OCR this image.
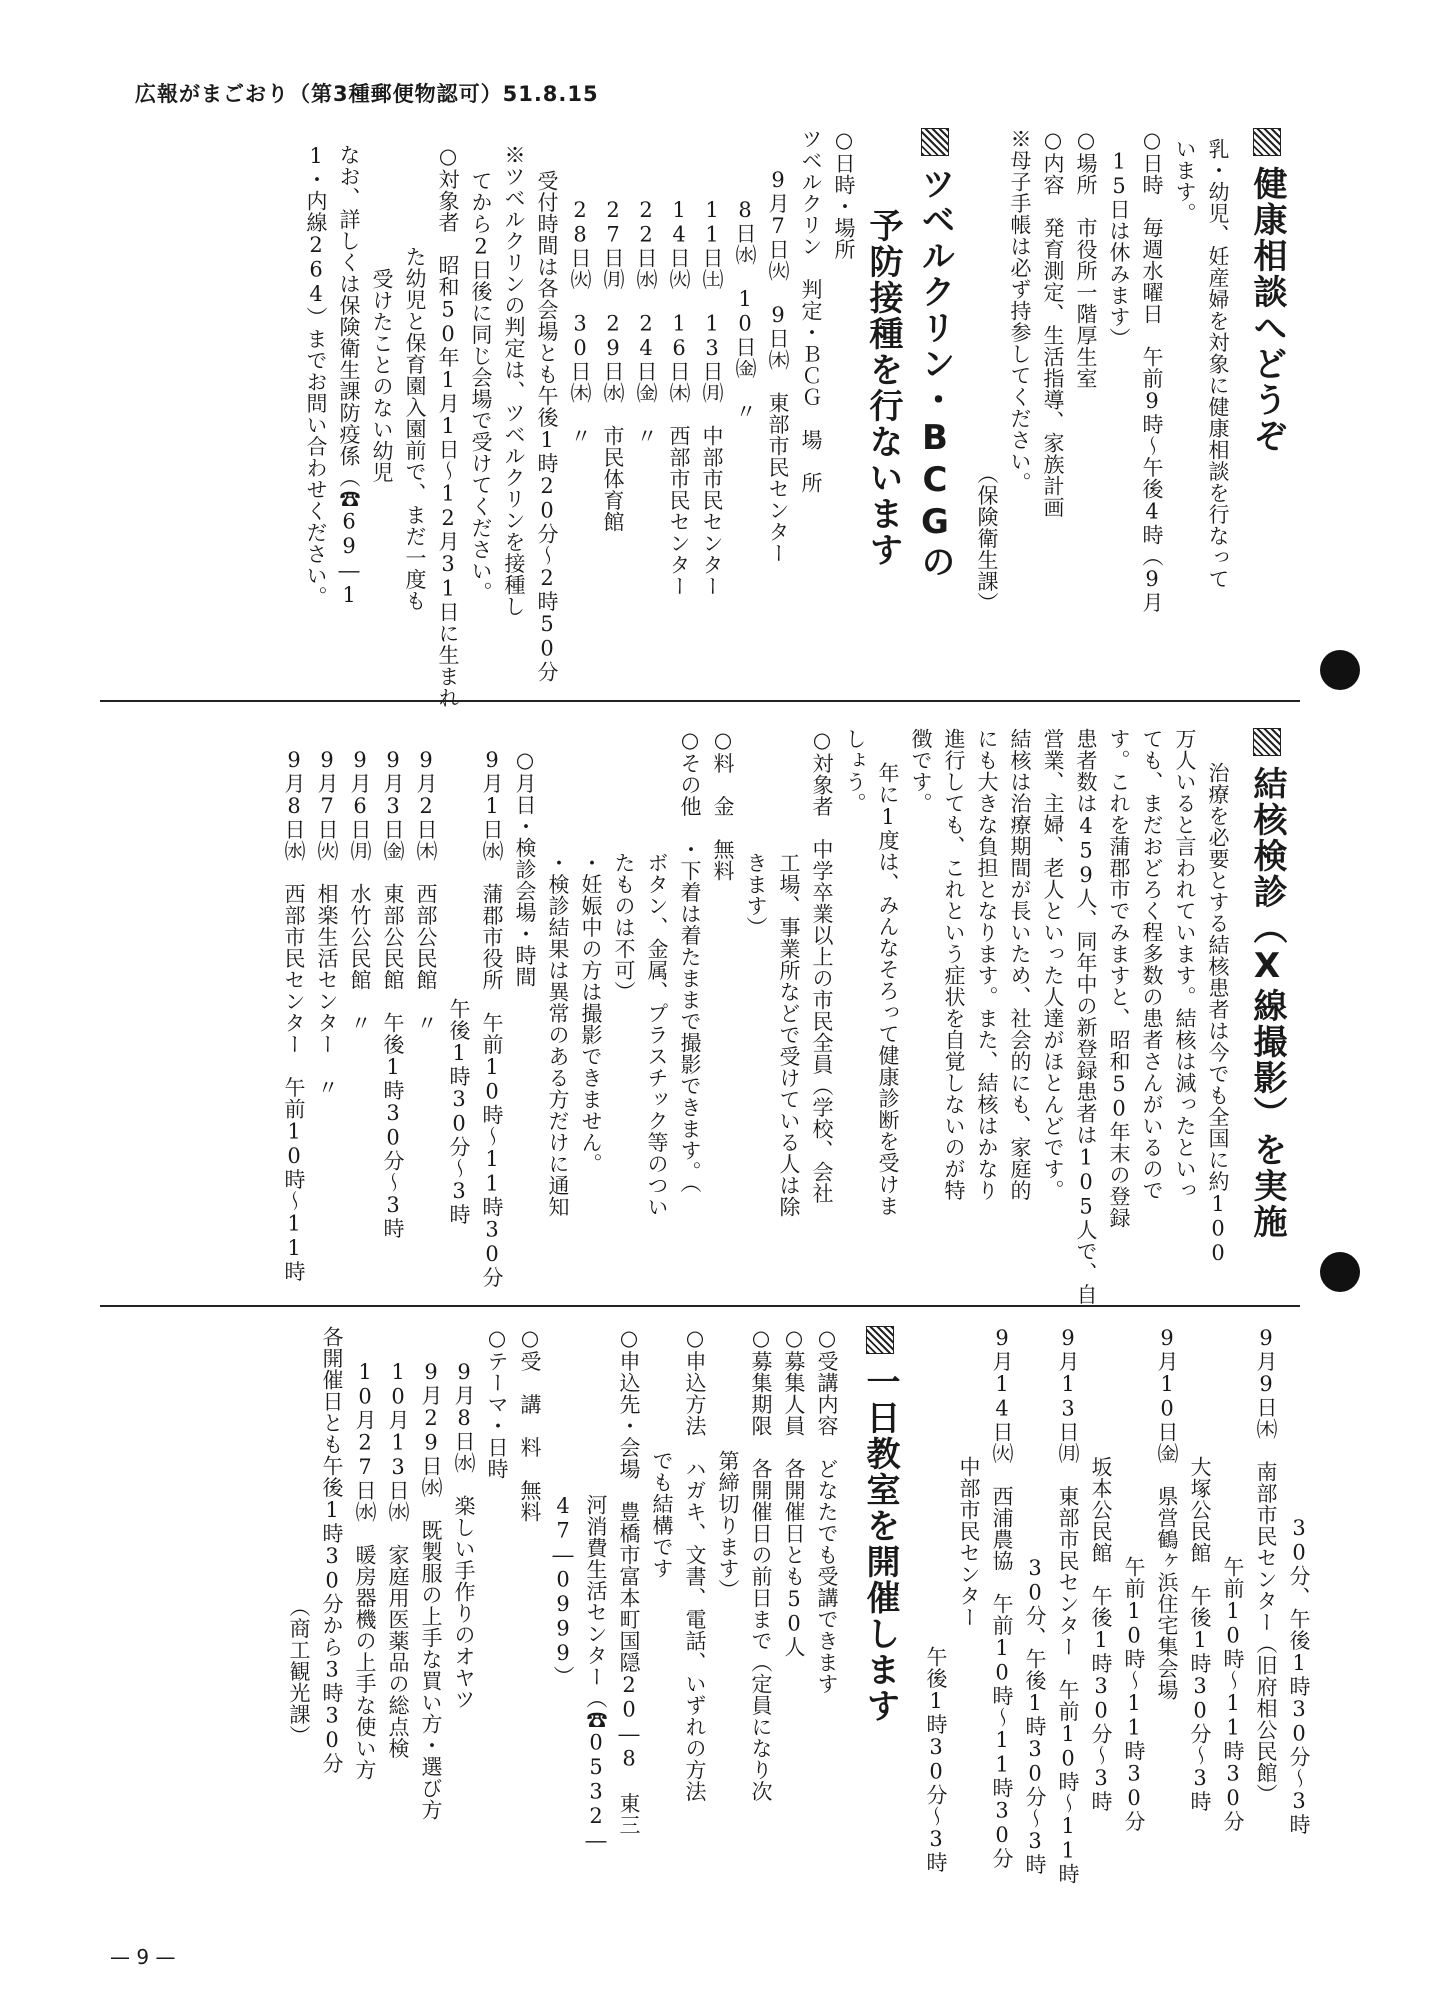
広報がまごおり（第3種郵便物認可）51.8.15
健康相談へどうぞ
乳・幼児、妊産婦を対象に健康相談を行なって
います。
○日時　毎週水曜日　午前9時〜午後4時（9月
　15日は休みます）
○場所　市役所一階厚生室
○内容　発育測定、生活指導、家族計画
※母子手帳は必ず持参してください。
（保険衛生課）
ツベルクリン・BCGの
予防接種を行ないます
○日時・場所
ツベルクリン　判定・ＢＣＧ　場　所
9月7日㈫　9日㈭　東部市民センター
8日㈬　10日㈮　〃
11日㈯　13日㈪　中部市民センター
14日㈫　16日㈭　西部市民センター
22日㈬　24日㈮　〃
27日㈪　29日㈬　市民体育館
28日㈫　30日㈭　〃
受付時間は各会場とも午後1時20分〜2時50分
※ツベルクリンの判定は、ツベルクリンを接種し
てから2日後に同じ会場で受けてください。
○対象者　昭和50年1月1日〜12月31日に生まれ
た幼児と保育園入園前で、まだ一度も
受けたことのない幼児
なお、詳しくは保険衛生課防疫係（☎69―1
1・内線264）までお問い合わせください。
結核検診（X線撮影）を実施
治療を必要とする結核患者は今でも全国に約100
万人いると言われています。結核は減ったといっ
ても、まだおどろく程多数の患者さんがいるので
す。これを蒲郡市でみますと、昭和50年末の登録
患者数は459人、同年中の新登録患者は105人で、自
営業、主婦、老人といった人達がほとんどです。
結核は治療期間が長いため、社会的にも、家庭的
にも大きな負担となります。また、結核はかなり
進行しても、これという症状を自覚しないのが特
徴です。
年に1度は、みんなそろって健康診断を受けま
しょう。
○対象者　中学卒業以上の市民全員（学校、会社
工場、事業所などで受けている人は除
きます）
○料　金　無料
○その他　・下着は着たままで撮影できます。（
ボタン、金属、プラスチック等のつい
たものは不可）
・妊娠中の方は撮影できません。
・検診結果は異常のある方だけに通知
○月日・検診会場・時間
9月1日㈬　蒲郡市役所　午前10時〜11時30分
午後1時30分〜3時
9月2日㈭　西部公民館　〃
9月3日㈮　東部公民館　午後1時30分〜3時
9月6日㈪　水竹公民館　〃
9月7日㈫　相楽生活センター　〃
9月8日㈬　西部市民センター　午前10時〜11時
30分、午後1時30分〜3時
9月9日㈭　南部市民センター（旧府相公民館）
午前10時〜11時30分
大塚公民館　午後1時30分〜3時
9月10日㈮　県営鶴ヶ浜住宅集会場
午前10時〜11時30分
坂本公民館　午後1時30分〜3時
9月13日㈪　東部市民センター　午前10時〜11時
30分、午後1時30分〜3時
9月14日㈫　西浦農協　午前10時〜11時30分
中部市民センター
午後1時30分〜3時
一日教室を開催します
○受講内容　どなたでも受講できます
○募集人員　各開催日とも50人
○募集期限　各開催日の前日まで（定員になり次
第締切ります）
○申込方法　ハガキ、文書、電話、いずれの方法
でも結構です
○申込先・会場　豊橋市富本町国隠20―8　東三
河消費生活センター（☎0532―
47―0999）
○受　講　料　無料
○テーマ・日時
9月8日㈬　楽しい手作りのオヤツ
9月29日㈬　既製服の上手な買い方・選び方
10月13日㈬　家庭用医薬品の総点検
10月27日㈬　暖房器機の上手な使い方
各開催日とも午後1時30分から3時30分
（商工観光課）
— 9 —
